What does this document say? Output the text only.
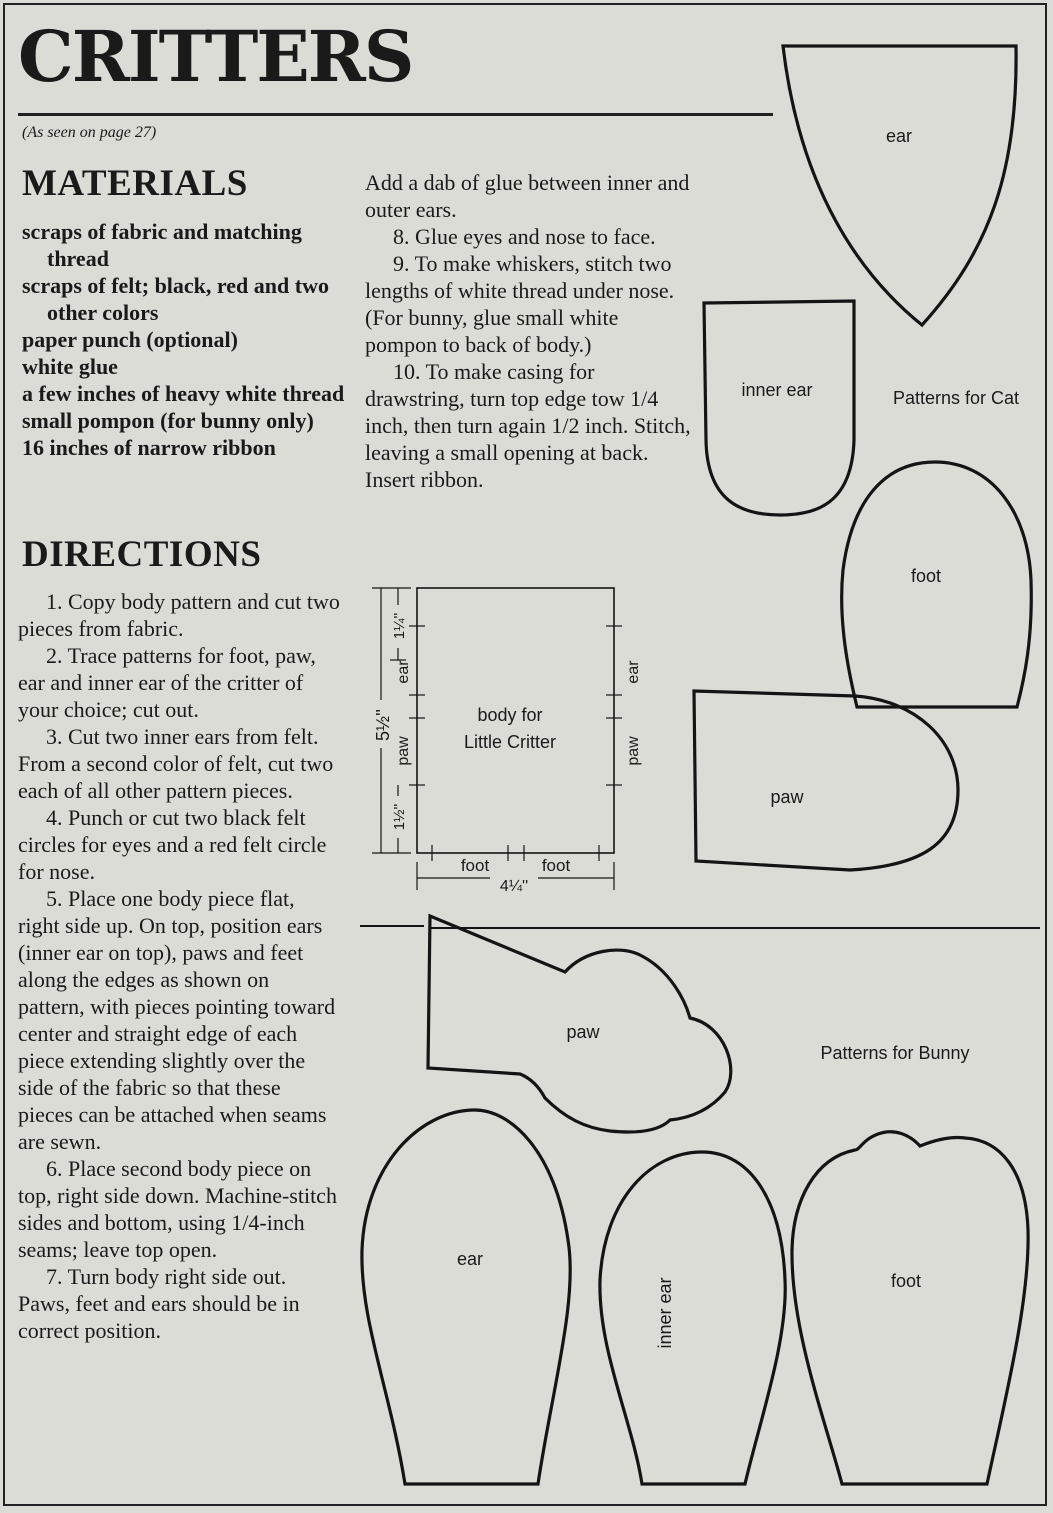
CRITTERS
(As seen on page 27)
MATERIALS
scraps of fabric and matching thread
scraps of felt; black, red and two other colors
paper punch (optional)
white glue
a few inches of heavy white thread
small pompon (for bunny only)
16 inches of narrow ribbon
DIRECTIONS

1. Copy body pattern and cut two pieces from fabric.

2. Trace patterns for foot, paw, ear and inner ear of the critter of your choice; cut out.

3. Cut two inner ears from felt. From a second color of felt, cut two each of all other pattern pieces.

4. Punch or cut two black felt circles for eyes and a red felt circle for nose.

5. Place one body piece flat, right side up. On top, position ears (inner ear on top), paws and feet along the edges as shown on pattern, with pieces pointing toward center and straight edge of each piece extending slightly over the side of the fabric so that these pieces can be attached when seams are sewn.

6. Place second body piece on top, right side down. Machine-stitch sides and bottom, using 1/4-inch seams; leave top open.

7. Turn body right side out. Paws, feet and ears should be in correct position.

Add a dab of glue between inner and outer ears.

8. Glue eyes and nose to face.

9. To make whiskers, stitch two lengths of white thread under nose. (For bunny, glue small white pompon to back of body.)

10. To make casing for drawstring, turn top edge tow 1/4 inch, then turn again 1/2 inch. Stitch, leaving a small opening at back. Insert ribbon.

body for
Little Critter
5½''
1¼''
1½''
ear
paw
ear
paw
foot	foot
4¼''
ear
inner ear	Patterns for Cat
foot
paw
paw
Patterns for Bunny
ear
inner ear	foot
